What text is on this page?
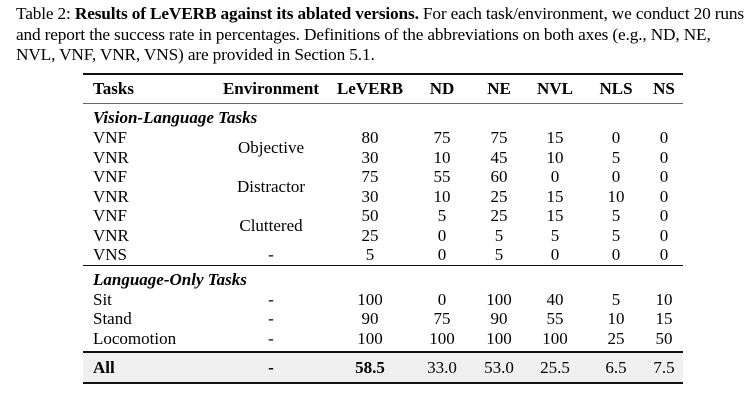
Table 2: Results of LeVERB against its ablated versions. For each task/environment, we conduct 20 runs and report the success rate in percentages. Definitions of the abbreviations on both axes (e.g., ND, NE, NVL, VNF, VNR, VNS) are provided in Section 5.1.
Tasks	Environment	LeVERB	ND	NE	NVL	NLS	NS
Vision-Language Tasks							
VNF	Objective	80	75	75	15	0	0
VNR		30	10	45	10	5	0
VNF	Distractor	75	55	60	0	0	0
VNR		30	10	25	15	10	0
VNF	Cluttered	50	5	25	15	5	0
VNR		25	0	5	5	5	0
VNS	-	5	0	5	0	0	0
Language-Only Tasks							
Sit	-	100	0	100	40	5	10
Stand	-	90	75	90	55	10	15
Locomotion	-	100	100	100	100	25	50
All	-	58.5	33.0	53.0	25.5	6.5	7.5
